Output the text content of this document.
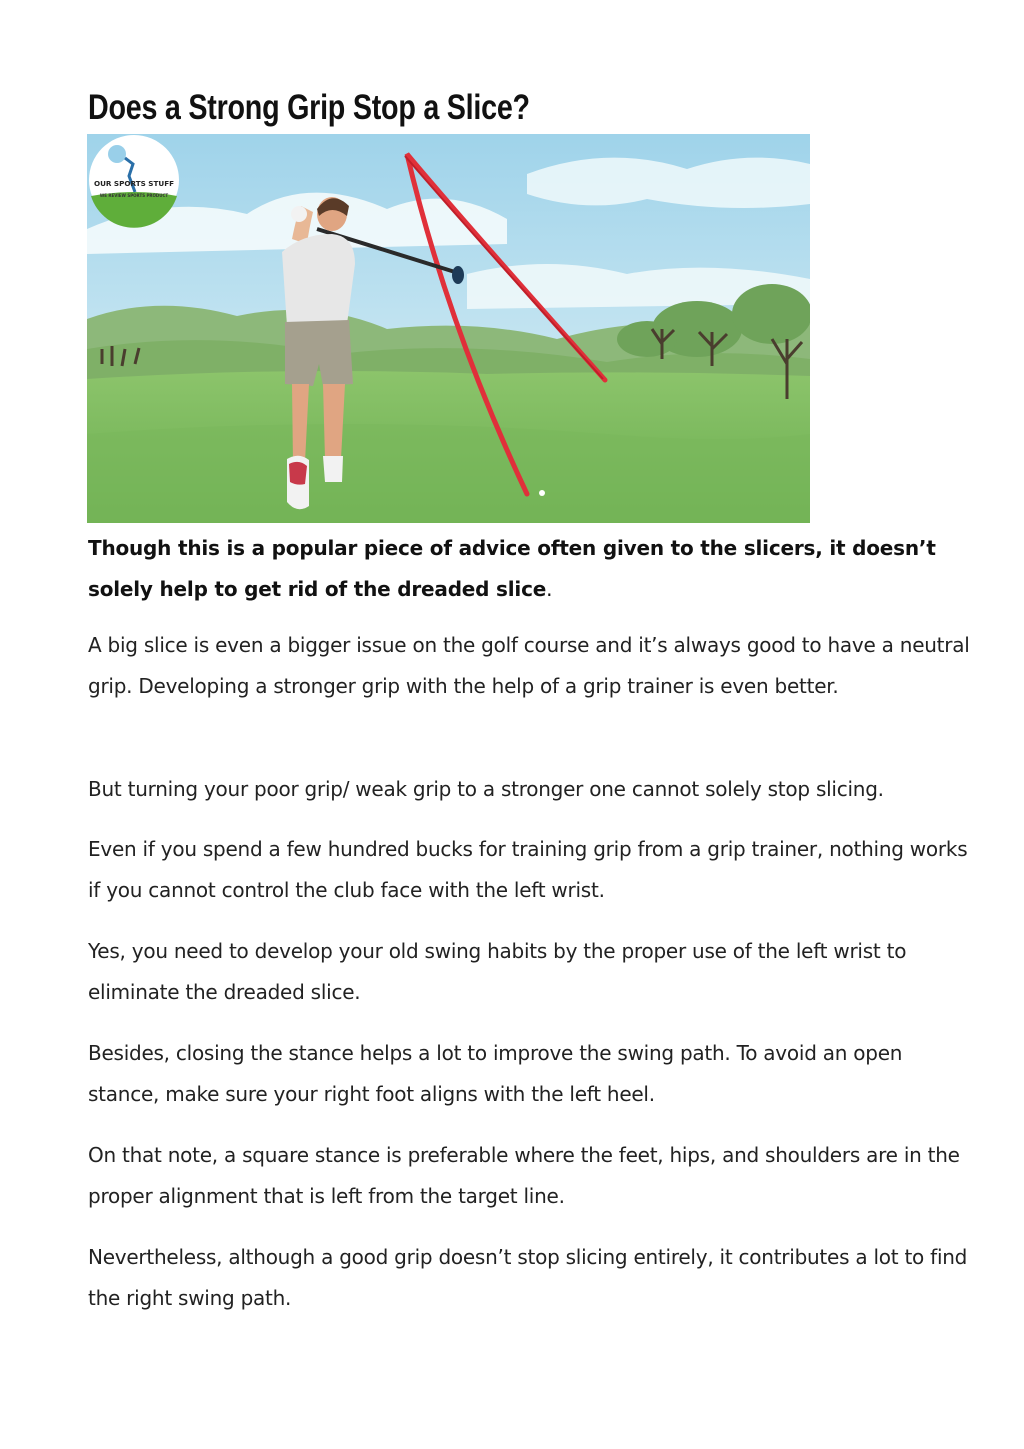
Does a Strong Grip Stop a Slice?
OUR SPORTS STUFF
WE REVIEW SPORTS PRODUCT

Though this is a popular piece of advice often given to the slicers, it doesn’t solely help to get rid of the dreaded slice.

A big slice is even a bigger issue on the golf course and it’s always good to have a neutral grip. Developing a stronger grip with the help of a grip trainer is even better.

But turning your poor grip/ weak grip to a stronger one cannot solely stop slicing.

Even if you spend a few hundred bucks for training grip from a grip trainer, nothing works if you cannot control the club face with the left wrist.

Yes, you need to develop your old swing habits by the proper use of the left wrist to eliminate the dreaded slice.

Besides, closing the stance helps a lot to improve the swing path. To avoid an open stance, make sure your right foot aligns with the left heel.

On that note, a square stance is preferable where the feet, hips, and shoulders are in the proper alignment that is left from the target line.

Nevertheless, although a good grip doesn’t stop slicing entirely, it contributes a lot to find the right swing path.
